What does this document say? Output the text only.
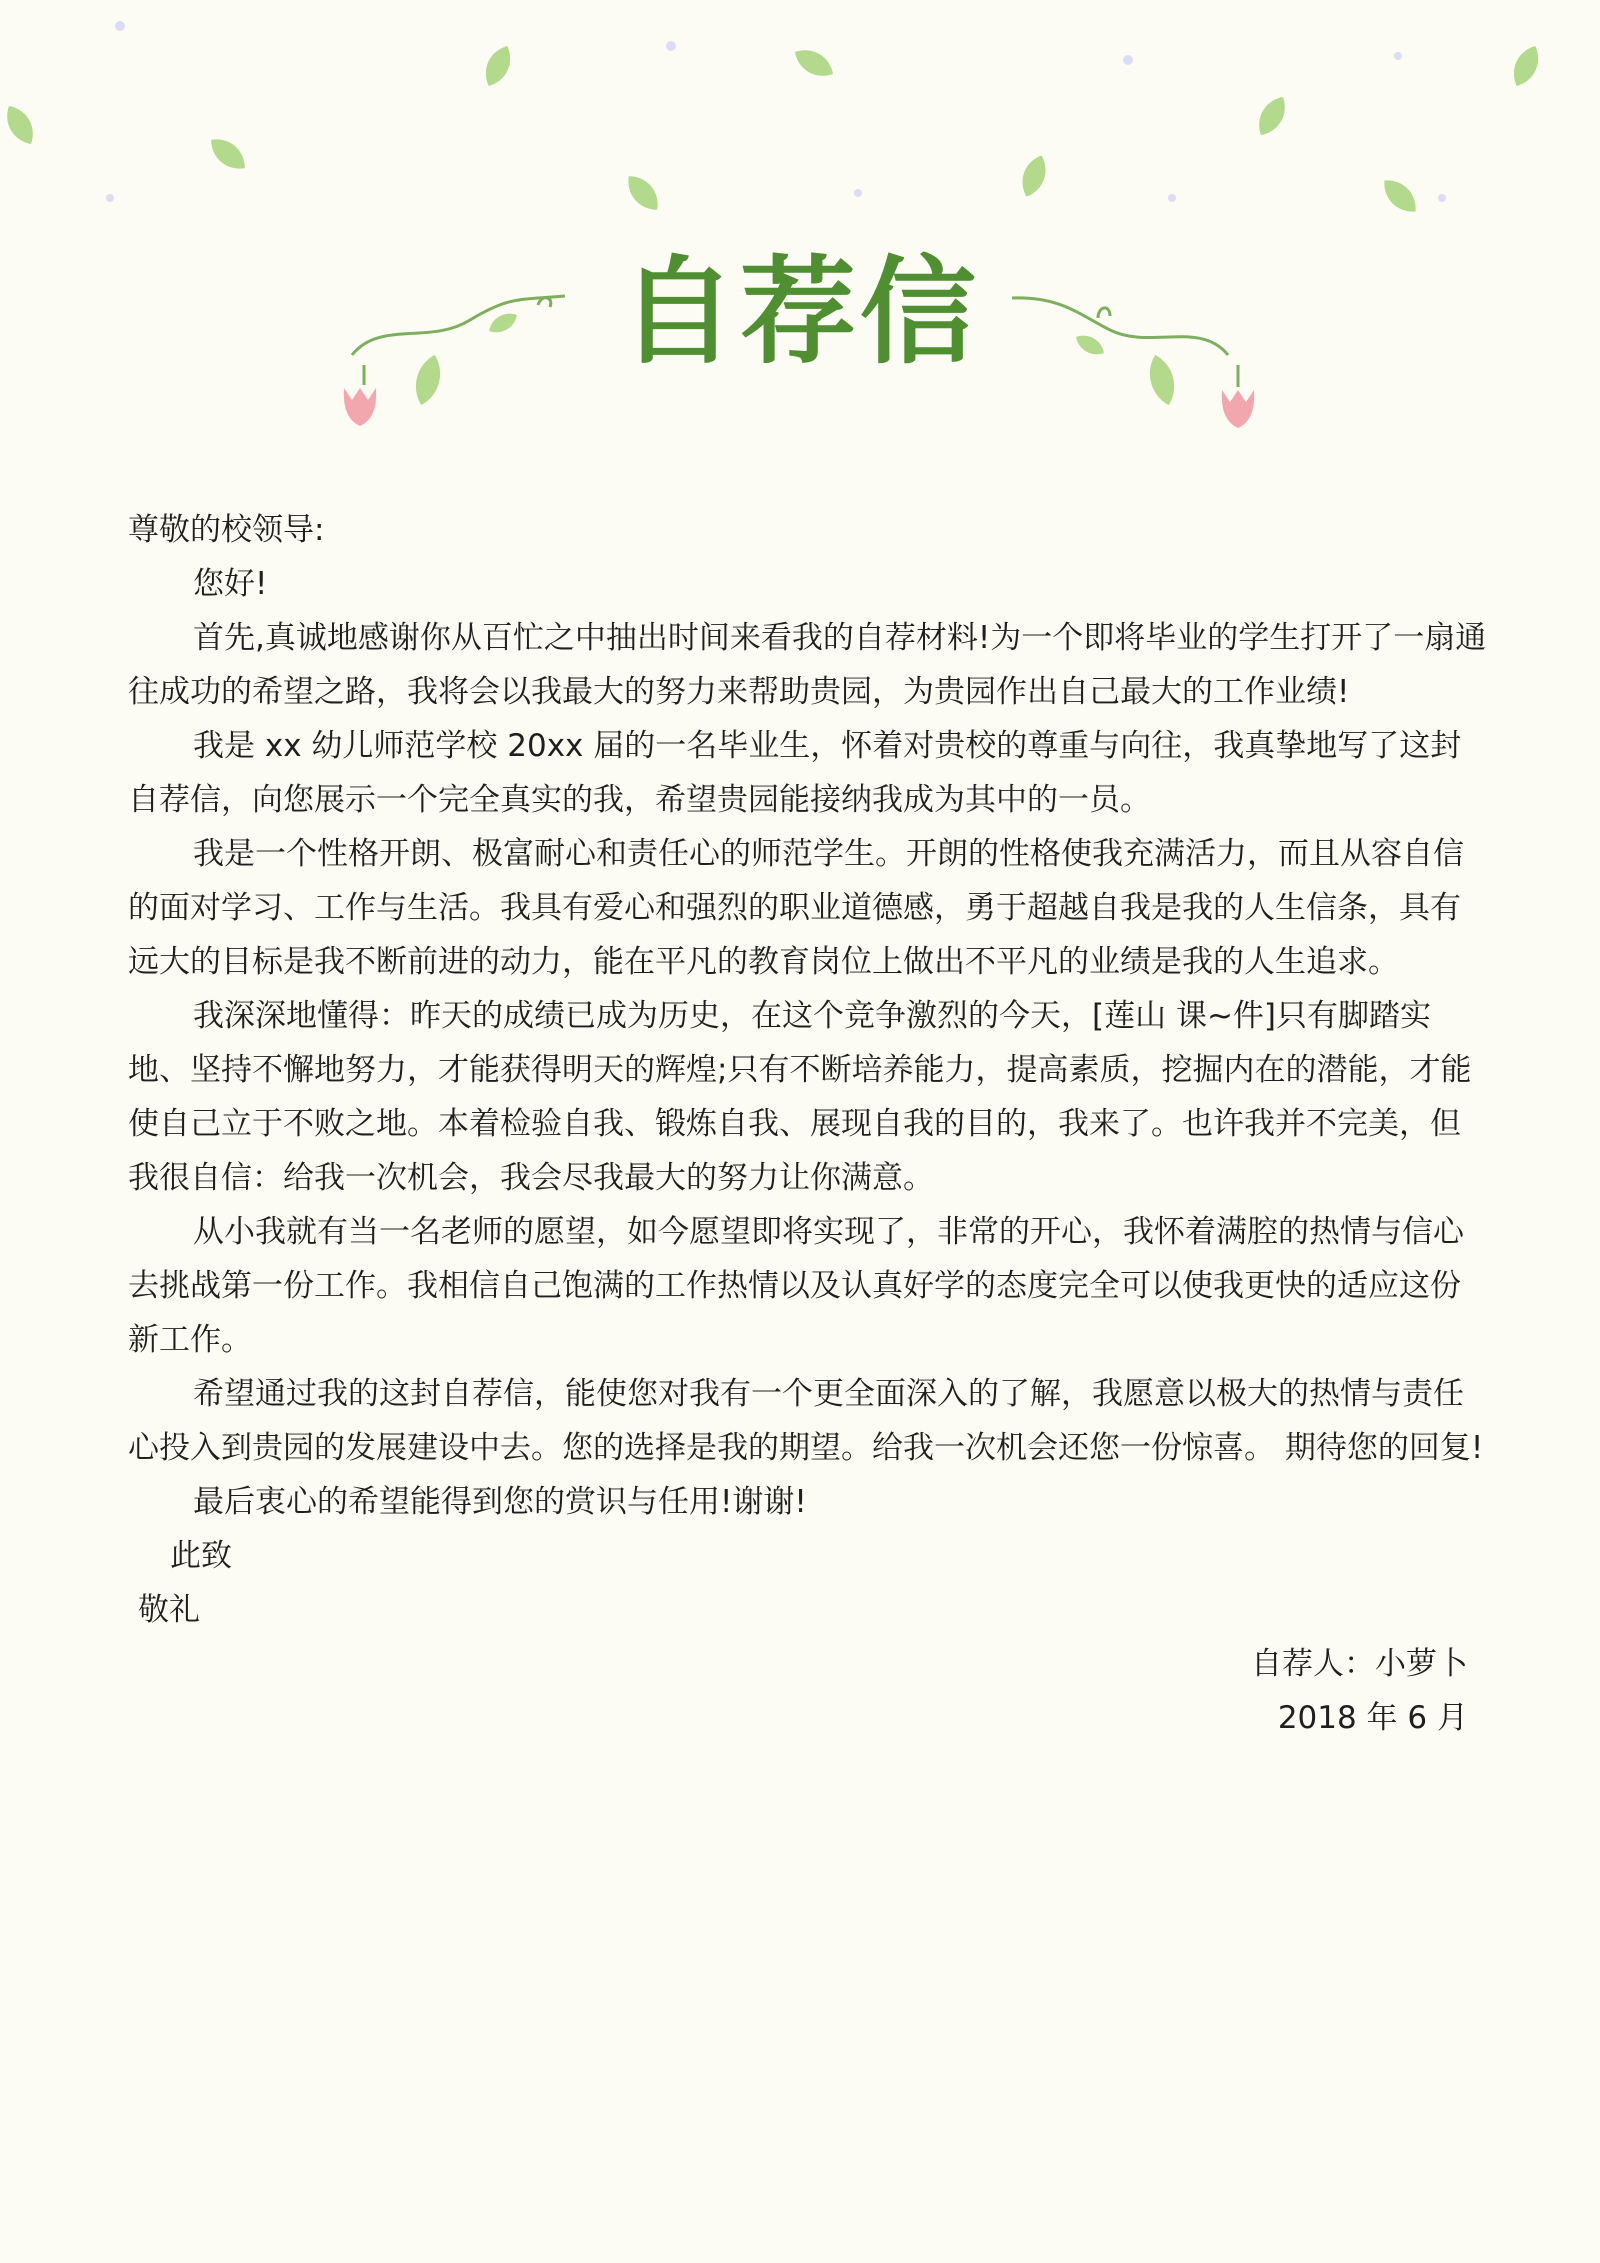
自荐信

尊敬的校领导:

您好!

首先,真诚地感谢你从百忙之中抽出时间来看我的自荐材料!为一个即将毕业的学生打开了一扇通往成功的希望之路，我将会以我最大的努力来帮助贵园，为贵园作出自己最大的工作业绩!

我是 xx 幼儿师范学校 20xx 届的一名毕业生，怀着对贵校的尊重与向往，我真挚地写了这封自荐信，向您展示一个完全真实的我，希望贵园能接纳我成为其中的一员。

我是一个性格开朗、极富耐心和责任心的师范学生。开朗的性格使我充满活力，而且从容自信的面对学习、工作与生活。我具有爱心和强烈的职业道德感，勇于超越自我是我的人生信条，具有远大的目标是我不断前进的动力，能在平凡的教育岗位上做出不平凡的业绩是我的人生追求。

我深深地懂得：昨天的成绩已成为历史，在这个竞争激烈的今天，[莲山 课~件]只有脚踏实地、坚持不懈地努力，才能获得明天的辉煌;只有不断培养能力，提高素质，挖掘内在的潜能，才能使自己立于不败之地。本着检验自我、锻炼自我、展现自我的目的，我来了。也许我并不完美，但我很自信：给我一次机会，我会尽我最大的努力让你满意。

从小我就有当一名老师的愿望，如今愿望即将实现了，非常的开心，我怀着满腔的热情与信心去挑战第一份工作。我相信自己饱满的工作热情以及认真好学的态度完全可以使我更快的适应这份新工作。

希望通过我的这封自荐信，能使您对我有一个更全面深入的了解，我愿意以极大的热情与责任心投入到贵园的发展建设中去。您的选择是我的期望。给我一次机会还您一份惊喜。 期待您的回复!

最后衷心的希望能得到您的赏识与任用!谢谢!

此致

敬礼

自荐人：小萝卜

2018 年 6 月
